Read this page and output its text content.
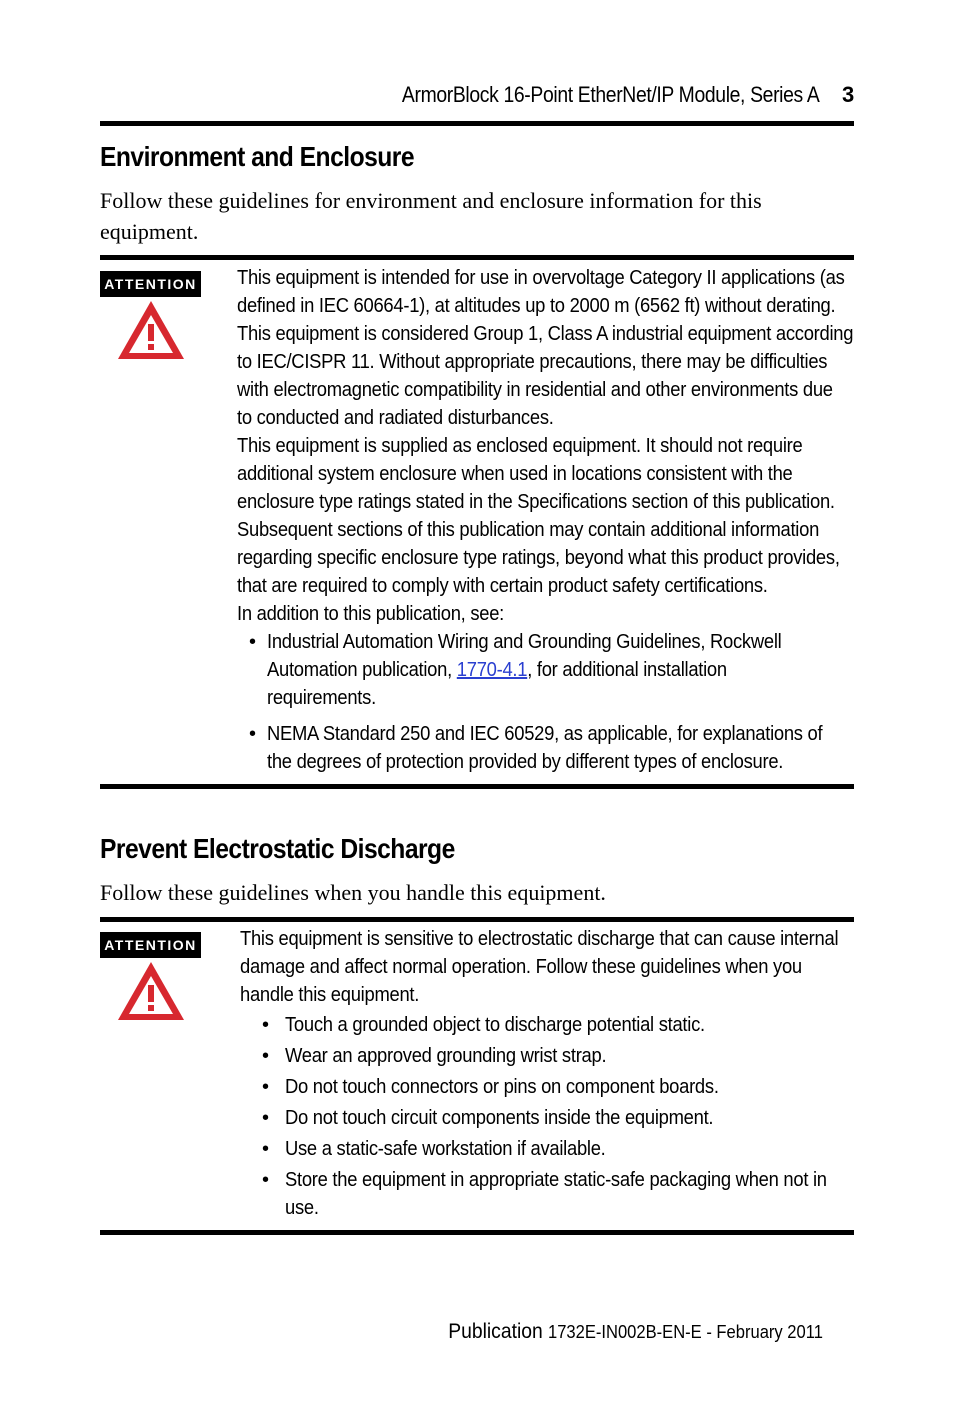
ArmorBlock 16-Point EtherNet/IP Module, Series A 3
Environment and Enclosure
Follow these guidelines for environment and enclosure information for this
equipment.
ATTENTION This equipment is intended for use in overvoltage Category II applications (as

defined in IEC 60664-1), at altitudes up to 2000 m (6562 ft) without derating.

This equipment is considered Group 1, Class A industrial equipment according

to IEC/CISPR 11. Without appropriate precautions, there may be difficulties

with electromagnetic compatibility in residential and other environments due

to conducted and radiated disturbances.

This equipment is supplied as enclosed equipment. It should not require

additional system enclosure when used in locations consistent with the

enclosure type ratings stated in the Specifications section of this publication.

Subsequent sections of this publication may contain additional information

regarding specific enclosure type ratings, beyond what this product provides,

that are required to comply with certain product safety certifications.

In addition to this publication, see:

• Industrial Automation Wiring and Grounding Guidelines, Rockwell
Automation publication, 1770-4.1, for additional installation
requirements.
• NEMA Standard 250 and IEC 60529, as applicable, for explanations of
the degrees of protection provided by different types of enclosure.
Prevent Electrostatic Discharge
Follow these guidelines when you handle this equipment.
ATTENTION This equipment is sensitive to electrostatic discharge that can cause internal

damage and affect normal operation. Follow these guidelines when you

handle this equipment.

• Touch a grounded object to discharge potential static.
• Wear an approved grounding wrist strap.
• Do not touch connectors or pins on component boards.
• Do not touch circuit components inside the equipment.
• Use a static-safe workstation if available.
• Store the equipment in appropriate static-safe packaging when not in
use.
Publication 1732E-IN002B-EN-E - February 2011
